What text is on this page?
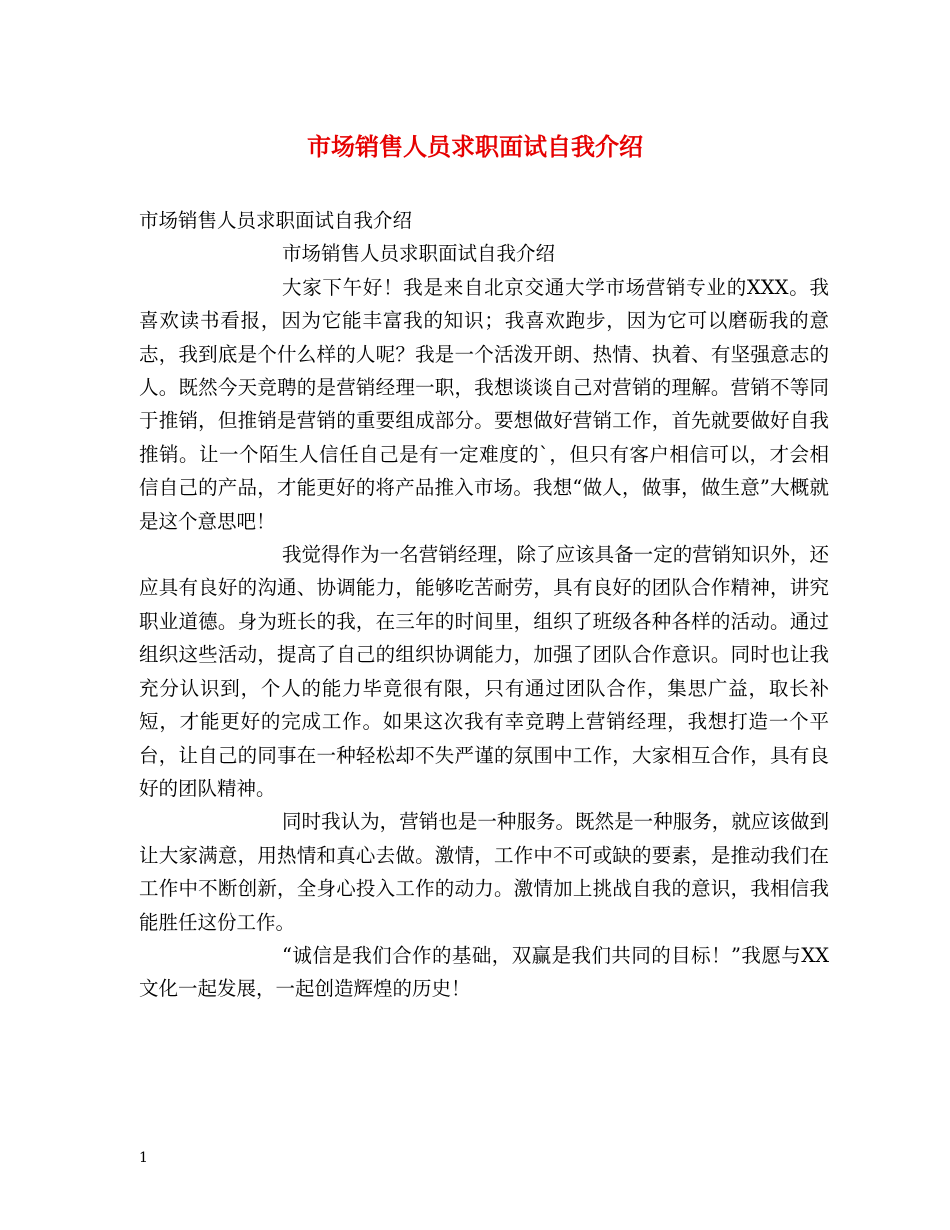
市场销售人员求职面试自我介绍

市场销售人员求职面试自我介绍

市场销售人员求职面试自我介绍

大家下午好！我是来自北京交通大学市场营销专业的XXX。我喜欢读书看报，因为它能丰富我的知识；我喜欢跑步，因为它可以磨砺我的意志，我到底是个什么样的人呢？我是一个活泼开朗、热情、执着、有坚强意志的人。既然今天竞聘的是营销经理一职，我想谈谈自己对营销的理解。营销不等同于推销，但推销是营销的重要组成部分。要想做好营销工作，首先就要做好自我推销。让一个陌生人信任自己是有一定难度的`，但只有客户相信可以，才会相信自己的产品，才能更好的将产品推入市场。我想“做人，做事，做生意”大概就是这个意思吧！

我觉得作为一名营销经理，除了应该具备一定的营销知识外，还应具有良好的沟通、协调能力，能够吃苦耐劳，具有良好的团队合作精神，讲究职业道德。身为班长的我，在三年的时间里，组织了班级各种各样的活动。通过组织这些活动，提高了自己的组织协调能力，加强了团队合作意识。同时也让我充分认识到，个人的能力毕竟很有限，只有通过团队合作，集思广益，取长补短，才能更好的完成工作。如果这次我有幸竞聘上营销经理，我想打造一个平台，让自己的同事在一种轻松却不失严谨的氛围中工作，大家相互合作，具有良好的团队精神。

同时我认为，营销也是一种服务。既然是一种服务，就应该做到让大家满意，用热情和真心去做。激情，工作中不可或缺的要素，是推动我们在工作中不断创新，全身心投入工作的动力。激情加上挑战自我的意识，我相信我能胜任这份工作。

“诚信是我们合作的基础，双赢是我们共同的目标！”我愿与XX文化一起发展，一起创造辉煌的历史！

1
